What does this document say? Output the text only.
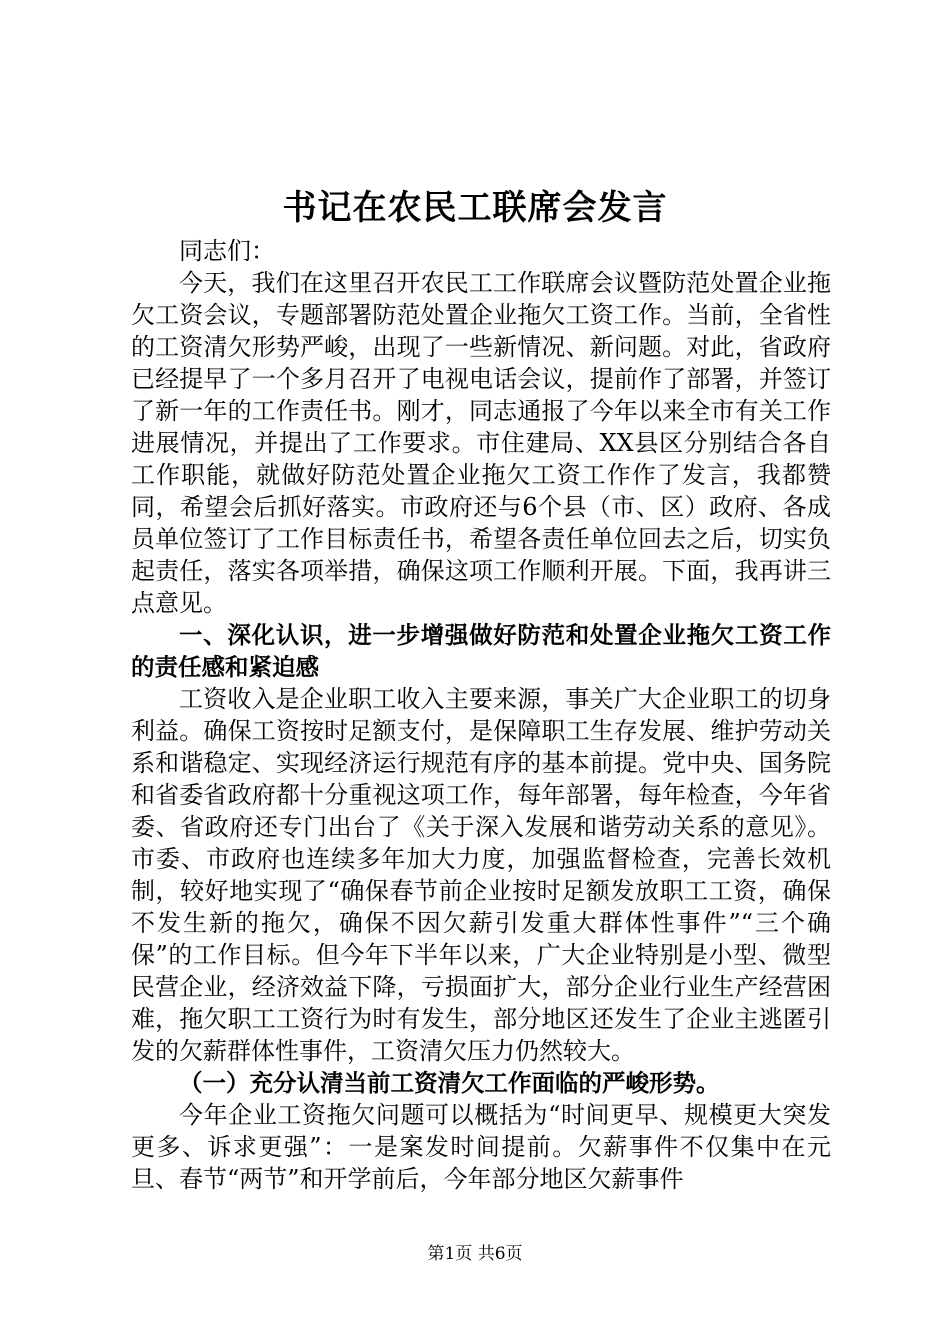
书记在农民工联席会发言

同志们：

今天，我们在这里召开农民工工作联席会议暨防范处置企业拖欠工资会议，专题部署防范处置企业拖欠工资工作。当前，全省性的工资清欠形势严峻，出现了一些新情况、新问题。对此，省政府已经提早了一个多月召开了电视电话会议，提前作了部署，并签订了新一年的工作责任书。刚才，同志通报了今年以来全市有关工作进展情况，并提出了工作要求。市住建局、XX县区分别结合各自工作职能，就做好防范处置企业拖欠工资工作作了发言，我都赞同，希望会后抓好落实。市政府还与6个县（市、区）政府、各成员单位签订了工作目标责任书，希望各责任单位回去之后，切实负起责任，落实各项举措，确保这项工作顺利开展。下面，我再讲三点意见。

一、深化认识，进一步增强做好防范和处置企业拖欠工资工作的责任感和紧迫感

工资收入是企业职工收入主要来源，事关广大企业职工的切身利益。确保工资按时足额支付，是保障职工生存发展、维护劳动关系和谐稳定、实现经济运行规范有序的基本前提。党中央、国务院和省委省政府都十分重视这项工作，每年部署，每年检查，今年省委、省政府还专门出台了《关于深入发展和谐劳动关系的意见》。市委、市政府也连续多年加大力度，加强监督检查，完善长效机制，较好地实现了“确保春节前企业按时足额发放职工工资，确保不发生新的拖欠，确保不因欠薪引发重大群体性事件”“三个确保”的工作目标。但今年下半年以来，广大企业特别是小型、微型民营企业，经济效益下降，亏损面扩大，部分企业行业生产经营困难，拖欠职工工资行为时有发生，部分地区还发生了企业主逃匿引发的欠薪群体性事件，工资清欠压力仍然较大。

（一）充分认清当前工资清欠工作面临的严峻形势。

今年企业工资拖欠问题可以概括为“时间更早、规模更大突发更多、诉求更强”：一是案发时间提前。欠薪事件不仅集中在元旦、春节“两节”和开学前后，今年部分地区欠薪事件

第1页 共6页
